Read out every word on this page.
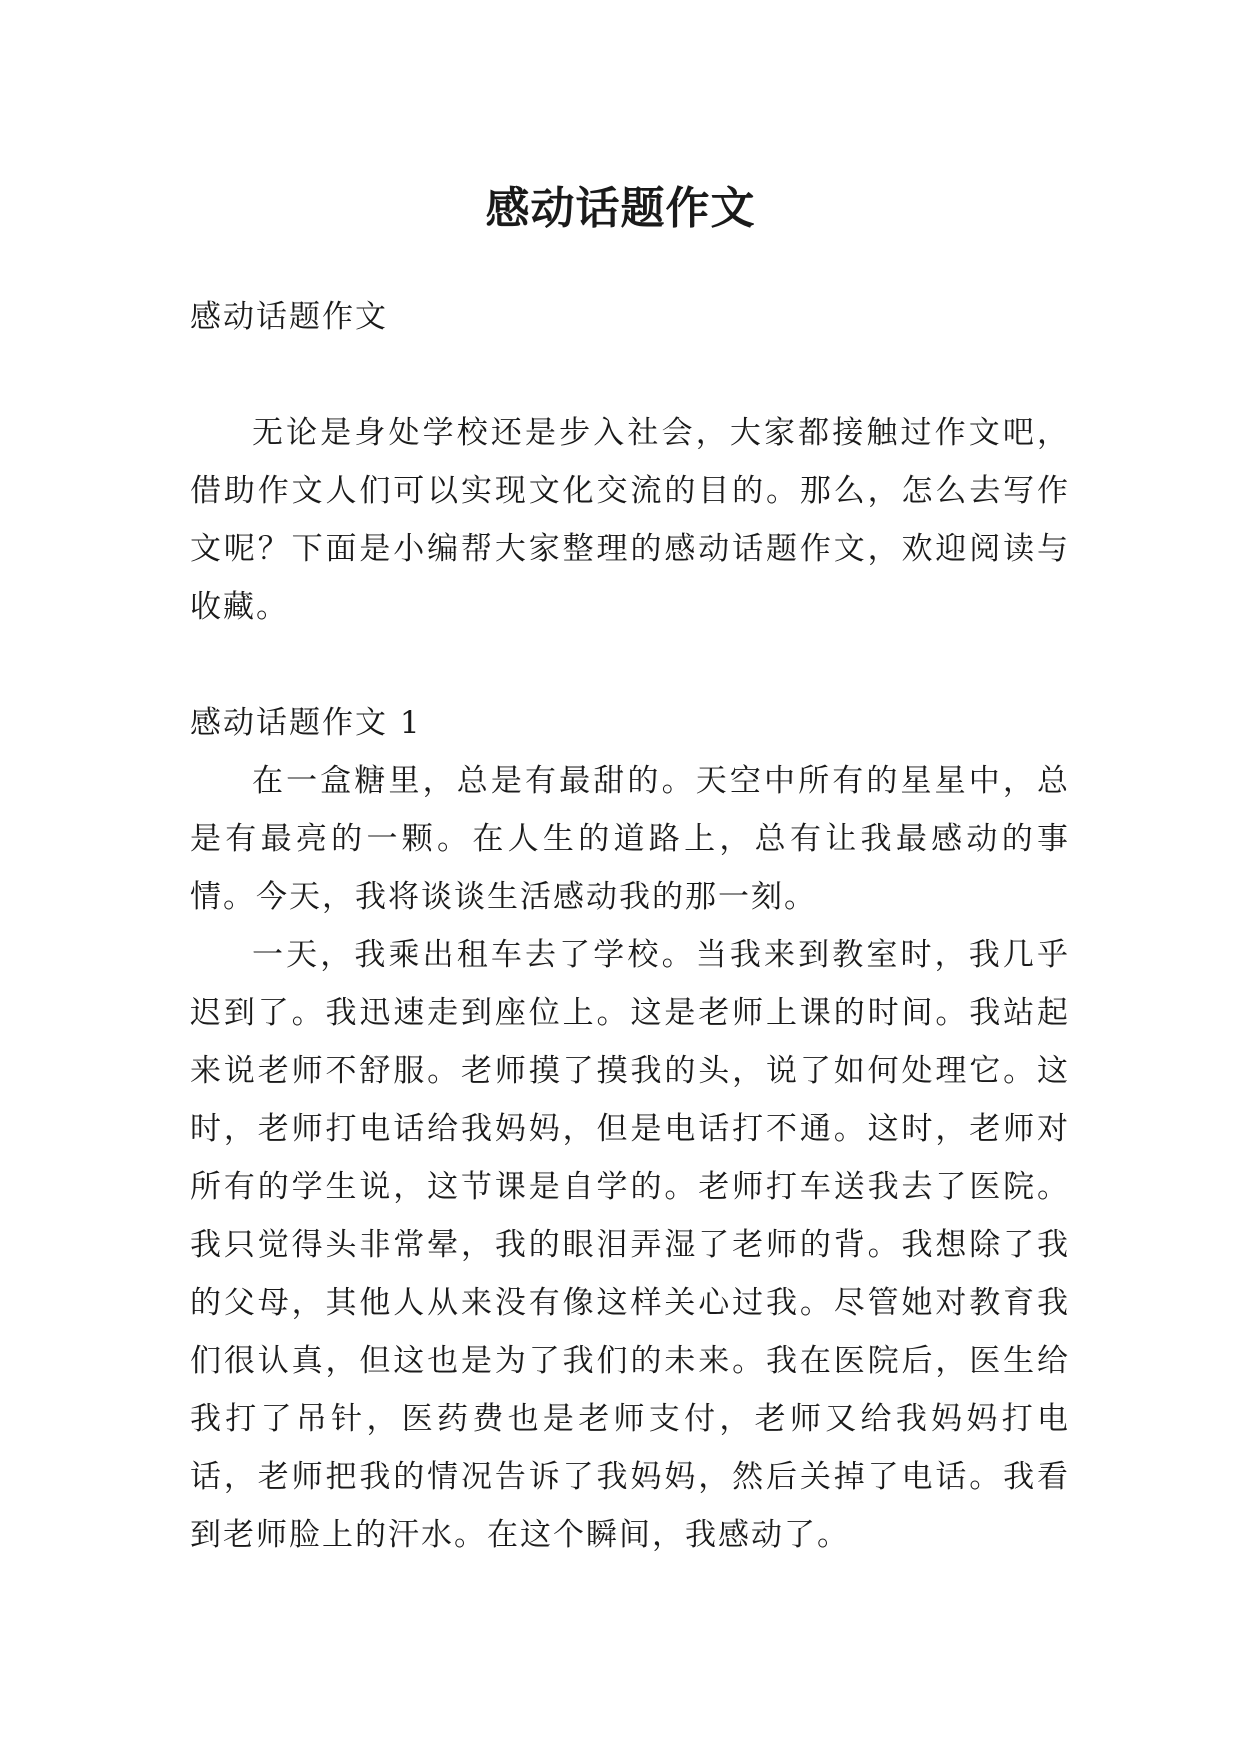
感动话题作文

感动话题作文

无论是身处学校还是步入社会，大家都接触过作文吧，借助作文人们可以实现文化交流的目的。那么，怎么去写作文呢？下面是小编帮大家整理的感动话题作文，欢迎阅读与收藏。

感动话题作文 1

在一盒糖里，总是有最甜的。天空中所有的星星中，总是有最亮的一颗。在人生的道路上，总有让我最感动的事情。今天，我将谈谈生活感动我的那一刻。

一天，我乘出租车去了学校。当我来到教室时，我几乎迟到了。我迅速走到座位上。这是老师上课的时间。我站起来说老师不舒服。老师摸了摸我的头，说了如何处理它。这时，老师打电话给我妈妈，但是电话打不通。这时，老师对所有的学生说，这节课是自学的。老师打车送我去了医院。我只觉得头非常晕，我的眼泪弄湿了老师的背。我想除了我的父母，其他人从来没有像这样关心过我。尽管她对教育我们很认真，但这也是为了我们的未来。我在医院后，医生给我打了吊针，医药费也是老师支付，老师又给我妈妈打电话，老师把我的情况告诉了我妈妈，然后关掉了电话。我看到老师脸上的汗水。在这个瞬间，我感动了。
